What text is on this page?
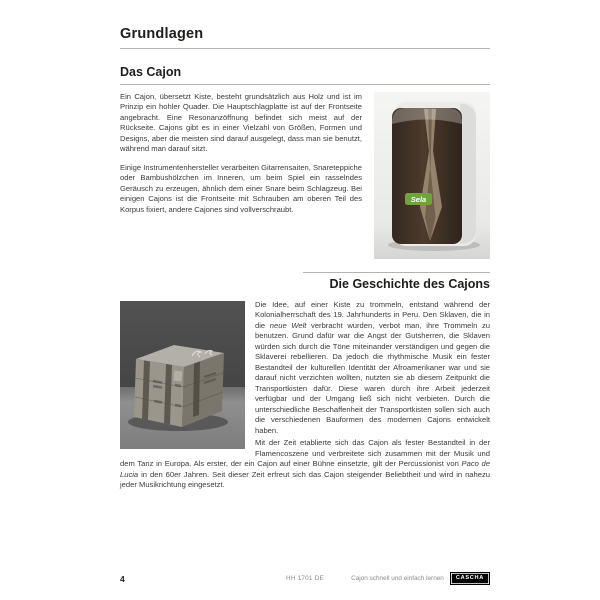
Grundlagen
Das Cajon

Ein Cajon, übersetzt Kiste, besteht grundsätzlich aus Holz und ist im Prinzip ein hohler Quader. Die Hauptschlagplatte ist auf der Frontseite angebracht. Eine Resonanzöffnung befindet sich meist auf der Rückseite. Cajons gibt es in einer Vielzahl von Größen, Formen und Designs, aber die meisten sind darauf ausgelegt, dass man sie benutzt, während man darauf sitzt.

Einige Instrumentenhersteller verarbeiten Gitarrensaiten, Snareteppiche oder Bambushölzchen im Inneren, um beim Spiel ein rasselndes Geräusch zu erzeugen, ähnlich dem einer Snare beim Schlagzeug. Bei einigen Cajons ist die Frontseite mit Schrauben am oberen Teil des Korpus fixiert, andere Cajones sind vollverschraubt.

Sela
Die Geschichte des Cajons

Die Idee, auf einer Kiste zu trommeln, entstand während der Kolonialherrschaft des 19. Jahrhunderts in Peru. Den Sklaven, die in die neue Welt verbracht wurden, verbot man, ihre Trommeln zu benutzen. Grund dafür war die Angst der Gutsherren, die Sklaven würden sich durch die Töne miteinander verständigen und gegen die Sklaverei rebellieren. Da jedoch die rhythmische Musik ein fester Bestandteil der kulturellen Identität der Afroamerikaner war und sie darauf nicht verzichten wollten, nutzten sie ab diesem Zeitpunkt die Transportkisten dafür. Diese waren durch ihre Arbeit jederzeit verfügbar und der Umgang ließ sich nicht verbieten. Durch die unterschiedliche Beschaffenheit der Transportkisten sollen sich auch die verschiedenen Bauformen des modernen Cajons entwickelt haben.

Mit der Zeit etablierte sich das Cajon als fester Bestandteil in der Flamencoszene und verbreitete sich zusammen mit der Musik und dem Tanz in Europa. Als erster, der ein Cajon auf einer Bühne einsetzte, gilt der Percussionist von Paco de Lucia in den 60er Jahren. Seit dieser Zeit erfreut sich das Cajon steigender Beliebtheit und wird in nahezu jeder Musikrichtung eingesetzt.

4	HH 1701 DE	Cajon schnell und einfach lernen	CASCHA
